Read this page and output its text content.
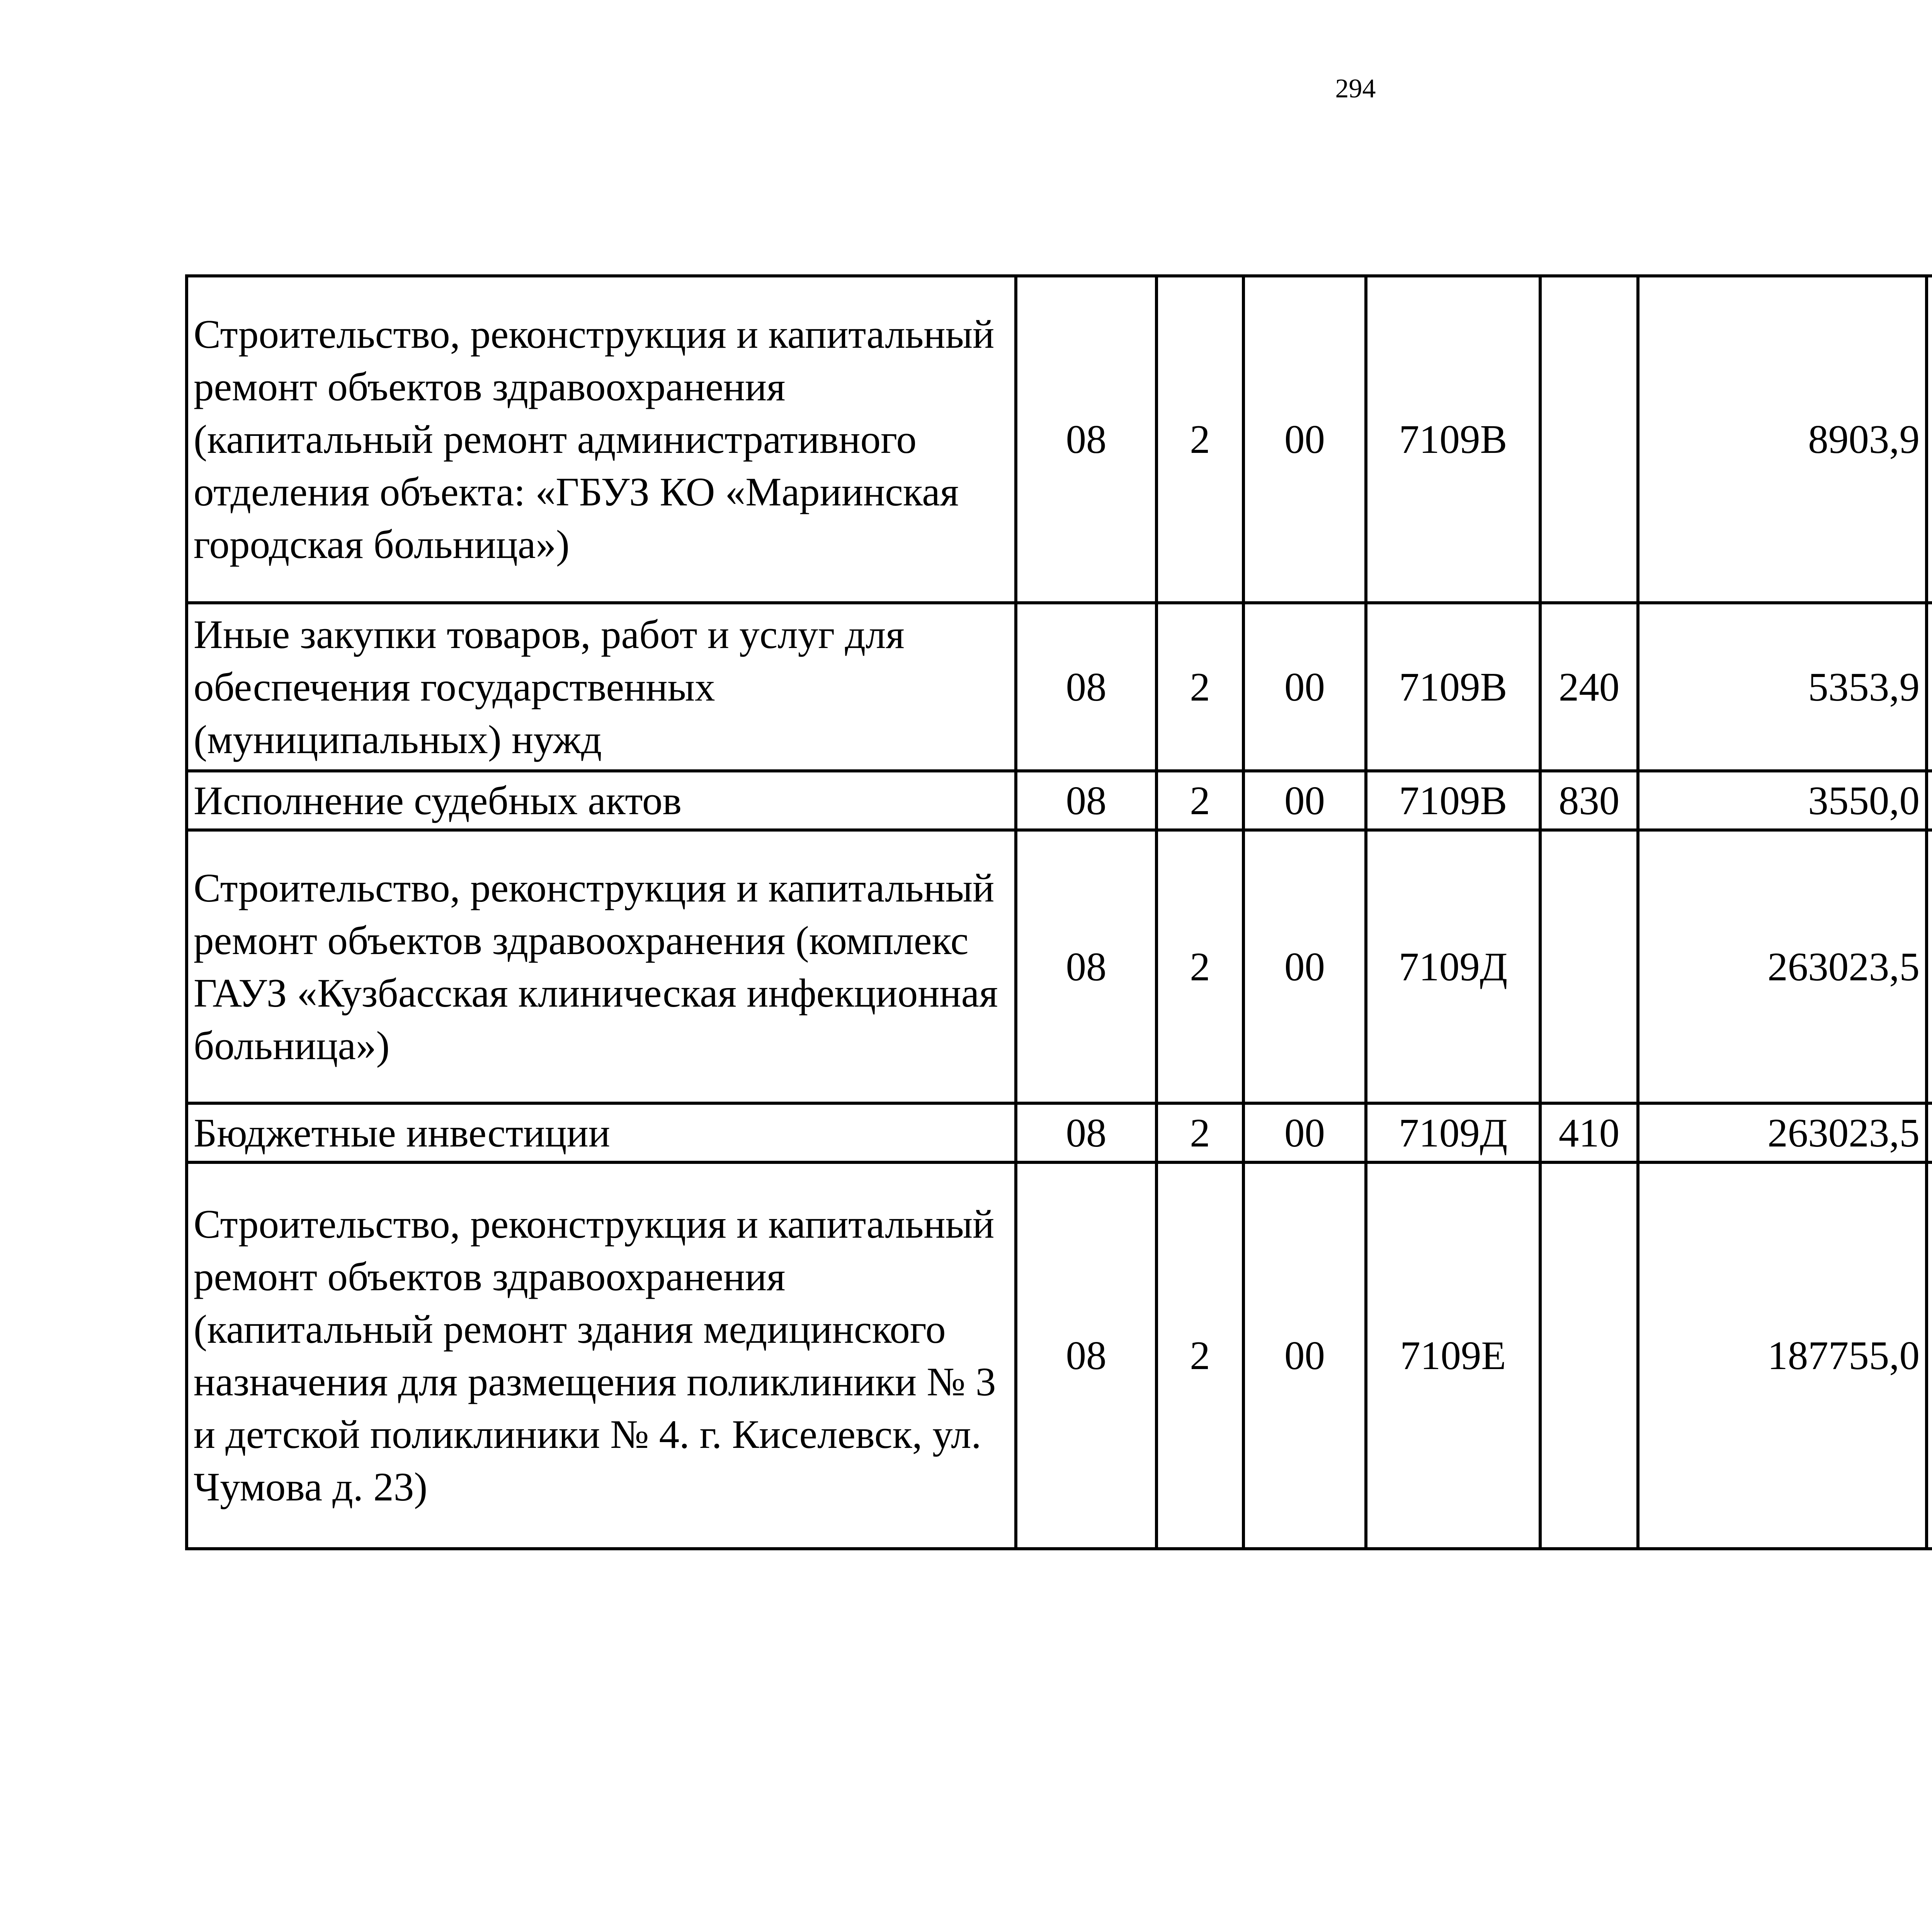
294
Строительство, реконструкция и капитальный ремонт объектов здравоохранения (капитальный ремонт административного отделения объекта: «ГБУЗ КО «Мариинская городская больница»)	08	2	00	7109В		8903,9		
Иные закупки товаров, работ и услуг для обеспечения государственных (муниципальных) нужд	08	2	00	7109В	240	5353,9		
Исполнение судебных актов	08	2	00	7109В	830	3550,0		
Строительство, реконструкция и капитальный ремонт объектов здравоохранения (комплекс ГАУЗ «Кузбасская клиническая инфекционная больница»)	08	2	00	7109Д		263023,5		
Бюджетные инвестиции	08	2	00	7109Д	410	263023,5		
Строительство, реконструкция и капитальный ремонт объектов здравоохранения (капитальный ремонт здания медицинского назначения для размещения поликлиники № 3 и детской поликлиники № 4. г. Киселевск, ул. Чумова д. 23)	08	2	00	7109Е		187755,0		
